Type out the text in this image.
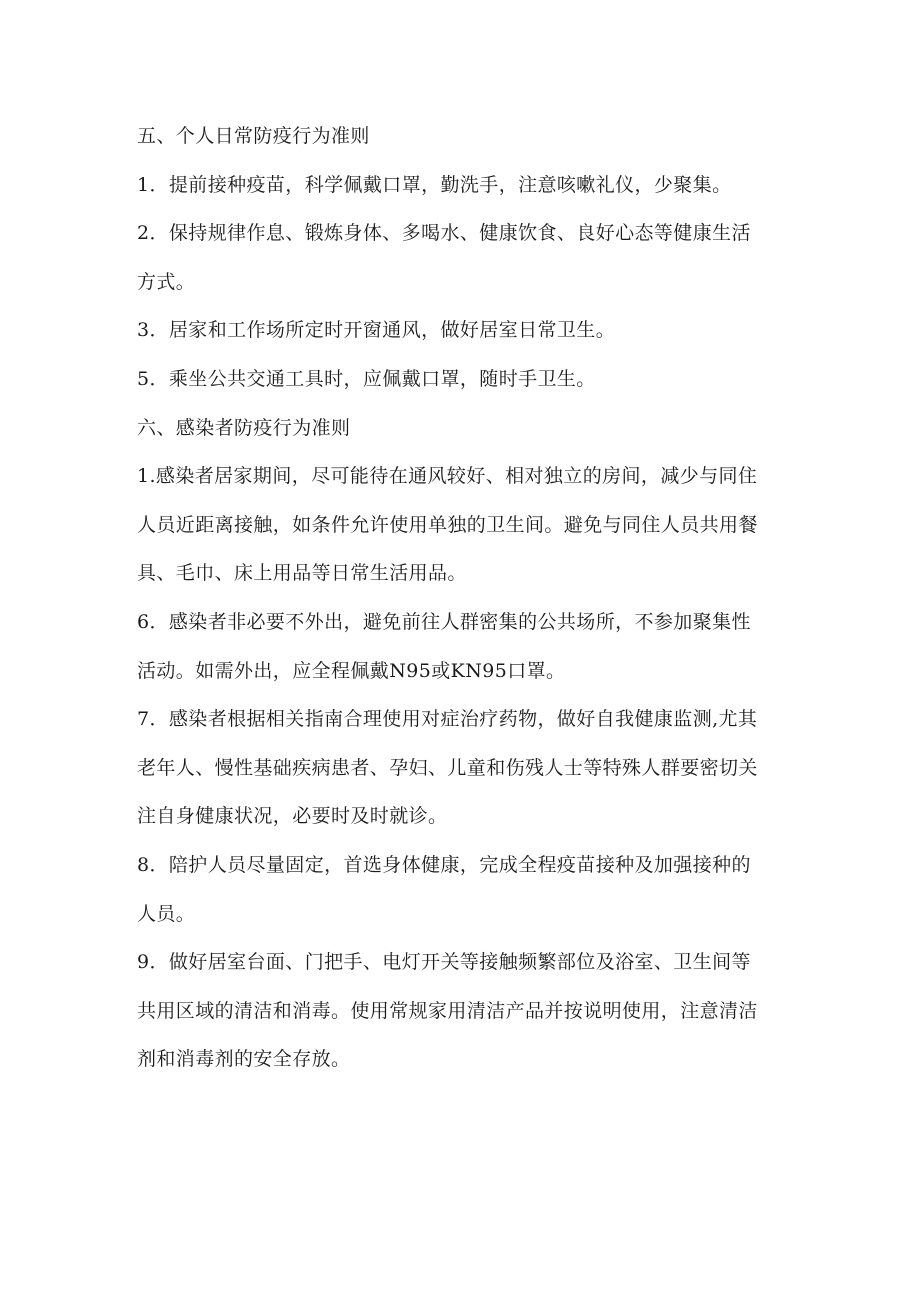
五、个人日常防疫行为准则
1．提前接种疫苗，科学佩戴口罩，勤洗手，注意咳嗽礼仪，少聚集。
2．保持规律作息、锻炼身体、多喝水、健康饮食、良好心态等健康生活
方式。
3．居家和工作场所定时开窗通风，做好居室日常卫生。
5．乘坐公共交通工具时，应佩戴口罩，随时手卫生。
六、感染者防疫行为准则
1.感染者居家期间，尽可能待在通风较好、相对独立的房间，减少与同住
人员近距离接触，如条件允许使用单独的卫生间。避免与同住人员共用餐
具、毛巾、床上用品等日常生活用品。
6．感染者非必要不外出，避免前往人群密集的公共场所，不参加聚集性
活动。如需外出，应全程佩戴N95或KN95口罩。
7．感染者根据相关指南合理使用对症治疗药物，做好自我健康监测,尤其
老年人、慢性基础疾病患者、孕妇、儿童和伤残人士等特殊人群要密切关
注自身健康状况，必要时及时就诊。
8．陪护人员尽量固定，首选身体健康，完成全程疫苗接种及加强接种的
人员。
9．做好居室台面、门把手、电灯开关等接触频繁部位及浴室、卫生间等
共用区域的清洁和消毒。使用常规家用清洁产品并按说明使用，注意清洁
剂和消毒剂的安全存放。
